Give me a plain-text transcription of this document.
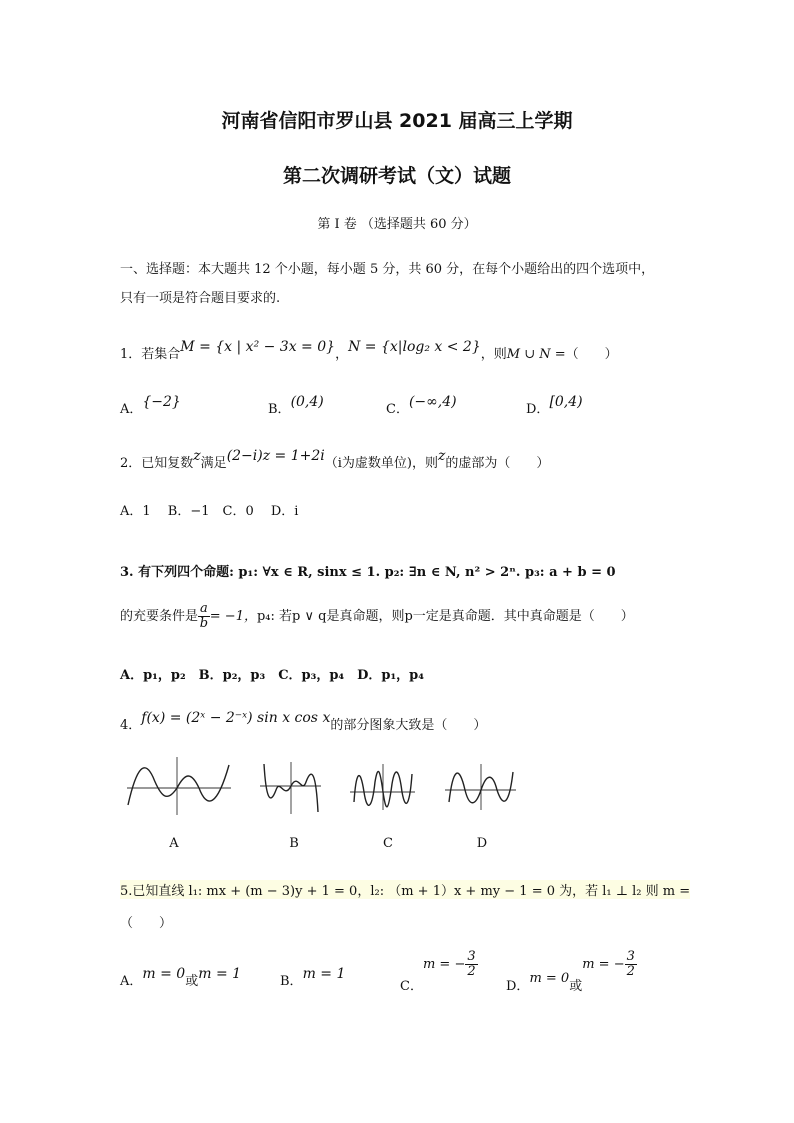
河南省信阳市罗山县 2021 届高三上学期
第二次调研考试（文）试题
第 I 卷 （选择题共 60 分）
一、选择题：本大题共 12 个小题，每小题 5 分，共 60 分，在每个小题给出的四个选项中，
只有一项是符合题目要求的.
1．若集合M = {x | x² − 3x = 0}，N = {x|log₂ x < 2}，则M ∪ N =（　　）
A．{−2}	B．(0,4)	C．(−∞,4)	D．[0,4)
2．已知复数z满足(2−i)z = 1+2i（i为虚数单位)，则z的虚部为（　　）
A．1　 B．−1　C．0　 D．i
3. 有下列四个命题: p₁: ∀x ∈ R, sinx ≤ 1. p₂: ∃n ∈ N, n² > 2ⁿ. p₃: a + b = 0
的充要条件是 $\frac{a}{b} = -1$，p₄: 若p ∨ q是真命题，则p一定是真命题．其中真命题是（　　）
A．p₁，p₂　B．p₂，p₃　C．p₃，p₄　D．p₁，p₄
4．f(x) = (2ˣ − 2⁻ˣ) sin x cos x的部分图象大致是（　　）
A	B	C	D
5.已知直线 l₁: mx + (m − 3)y + 1 = 0，l₂: （m + 1）x + my − 1 = 0 为，若 l₁ ⊥ l₂ 则 m =
（　　）
A．m = 0或m = 1	B．m = 1
C．m = − $\frac{3}{2}$
D．m = 0或m = − $\frac{3}{2}$
